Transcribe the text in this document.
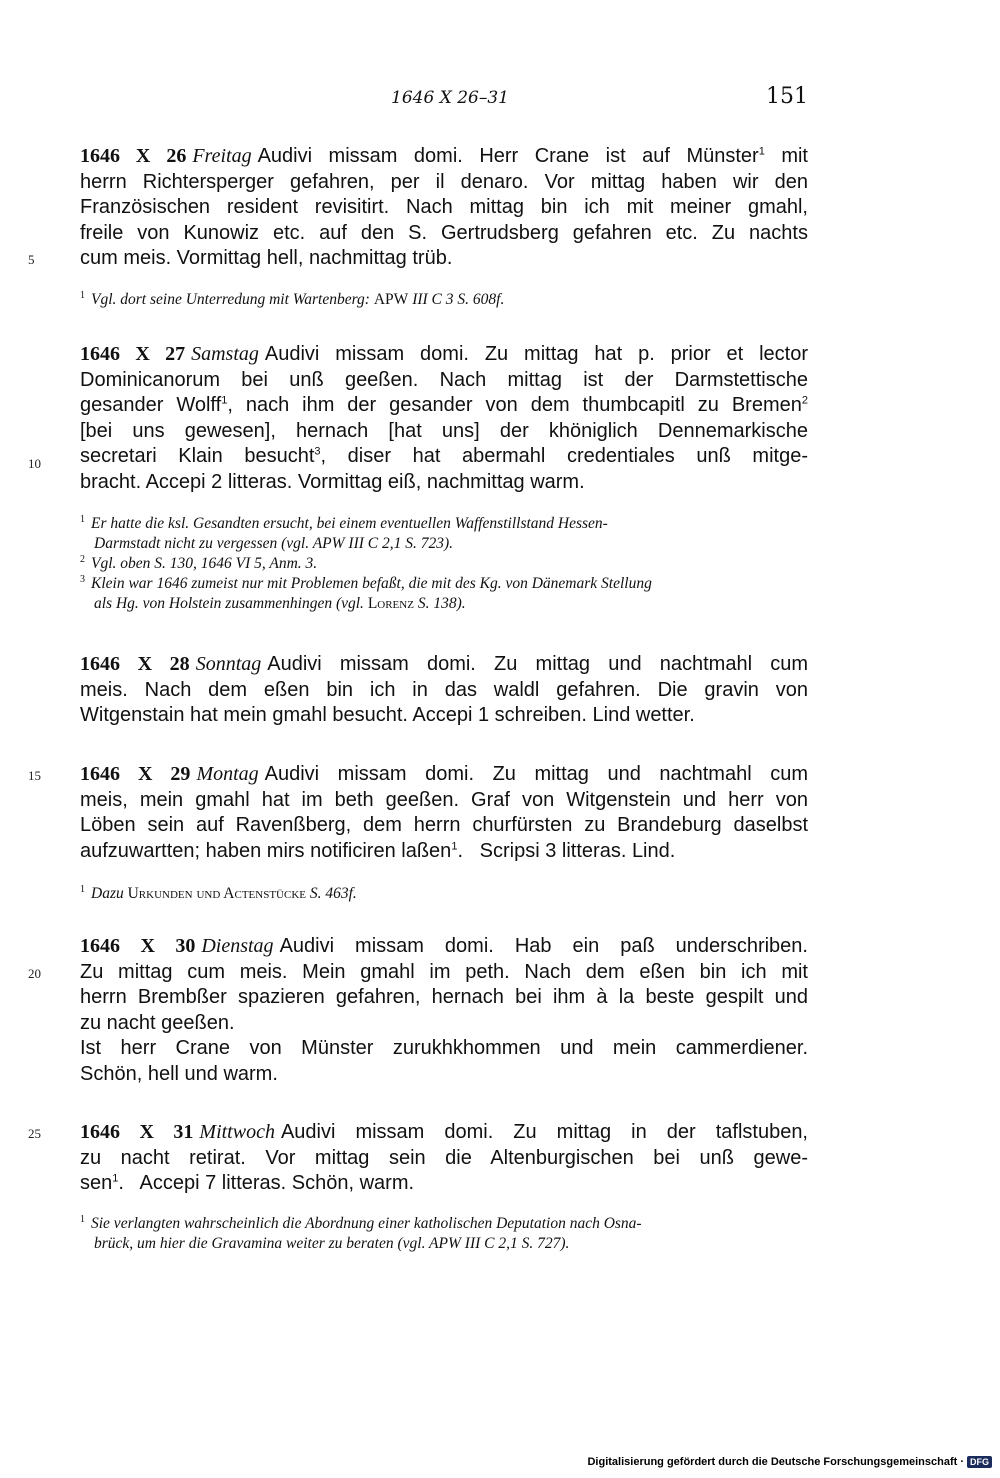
1646 X 26–31	151
1646 X 26 Freitag Audivi missam domi. Herr Crane ist auf Münster$^1$ mit
herrn Richtersperger gefahren, per il denaro. Vor mittag haben wir den
Französischen resident revisitirt. Nach mittag bin ich mit meiner gmahl,
freile von Kunowiz etc. auf den S. Gertrudsberg gefahren etc. Zu nachts
cum meis. Vormittag hell, nachmittag trüb.
$^1$ Vgl. dort seine Unterredung mit Wartenberg: APW III C 3 S. 608f.
1646 X 27 Samstag Audivi missam domi. Zu mittag hat p. prior et lector
Dominicanorum bei unß geeßen. Nach mittag ist der Darmstettische
gesander Wolff$^1$, nach ihm der gesander von dem thumbcapitl zu Bremen$^2$
[bei uns gewesen], hernach [hat uns] der khöniglich Dennemarkische
secretari Klain besucht$^3$, diser hat abermahl credentiales unß mitge-
bracht. Accepi 2 litteras. Vormittag eiß, nachmittag warm.
$^1$ Er hatte die ksl. Gesandten ersucht, bei einem eventuellen Waffenstillstand Hessen-
Darmstadt nicht zu vergessen (vgl. APW III C 2,1 S. 723).
$^2$ Vgl. oben S. 130, 1646 VI 5, Anm. 3.
$^3$ Klein war 1646 zumeist nur mit Problemen befaßt, die mit des Kg. von Dänemark Stellung
als Hg. von Holstein zusammenhingen (vgl. Lorenz S. 138).
1646 X 28 Sonntag Audivi missam domi. Zu mittag und nachtmahl cum
meis. Nach dem eßen bin ich in das waldl gefahren. Die gravin von
Witgenstain hat mein gmahl besucht. Accepi 1 schreiben. Lind wetter.
1646 X 29 Montag Audivi missam domi. Zu mittag und nachtmahl cum
meis, mein gmahl hat im beth geeßen. Graf von Witgenstein und herr von
Löben sein auf Ravenßberg, dem herrn churfürsten zu Brandeburg daselbst
aufzuwartten; haben mirs notificiren laßen$^1$.   Scripsi 3 litteras. Lind.
$^1$ Dazu Urkunden und Actenstücke S. 463f.
1646 X 30 Dienstag Audivi missam domi. Hab ein paß underschriben.
Zu mittag cum meis. Mein gmahl im peth. Nach dem eßen bin ich mit
herrn Brembßer spazieren gefahren, hernach bei ihm à la beste gespilt und
zu nacht geeßen.
Ist herr Crane von Münster zurukhkhommen und mein cammerdiener.
Schön, hell und warm.
1646 X 31 Mittwoch Audivi missam domi. Zu mittag in der taflstuben,
zu nacht retirat. Vor mittag sein die Altenburgischen bei unß gewe-
sen$^1$.   Accepi 7 litteras. Schön, warm.
$^1$ Sie verlangten wahrscheinlich die Abordnung einer katholischen Deputation nach Osna-
brück, um hier die Gravamina weiter zu beraten (vgl. APW III C 2,1 S. 727).
5
10
15
20
25
Digitalisierung gefördert durch die Deutsche Forschungsgemeinschaft · DFG
